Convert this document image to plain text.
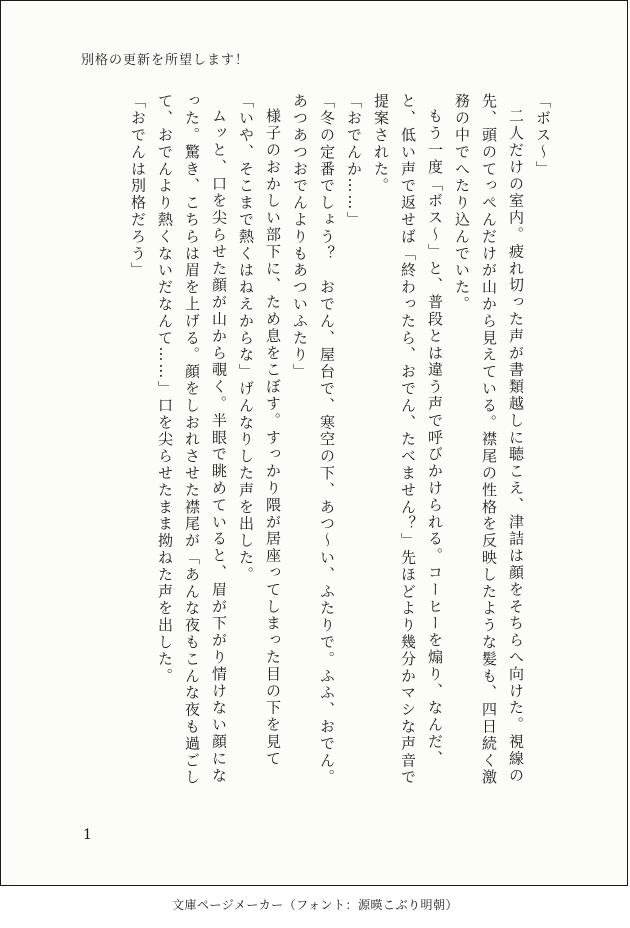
別格の更新を所望します！

「ボス〜」

二人だけの室内。疲れ切った声が書類越しに聴こえ、津詰は顔をそちらへ向けた。視線の先、頭のてっぺんだけが山から見えている。襟尾の性格を反映したような髪も、四日続く激務の中でへたり込んでいた。

もう一度「ボス〜」と、普段とは違う声で呼びかけられる。コーヒーを煽り、なんだ、と、低い声で返せば「終わったら、おでん、たべません？」先ほどより幾分かマシな声音で提案された。

「おでんか……」

「冬の定番でしょう？　おでん、屋台で、寒空の下、あつ〜い、ふたりで。ふふ、おでん。あつあつおでんよりもあついふたり」

様子のおかしい部下に、ため息をこぼす。すっかり隈が居座ってしまった目の下を見て「いや、そこまで熱くはねえからな」げんなりした声を出した。

ムッと、口を尖らせた顔が山から覗く。半眼で眺めていると、眉が下がり情けない顔になった。驚き、こちらは眉を上げる。顔をしおれさせた襟尾が「あんな夜もこんな夜も過ごして、おでんより熱くないだなんて……」口を尖らせたまま拗ねた声を出した。

「おでんは別格だろう」

1
文庫ページメーカー（フォント：源暎こぶり明朝）
